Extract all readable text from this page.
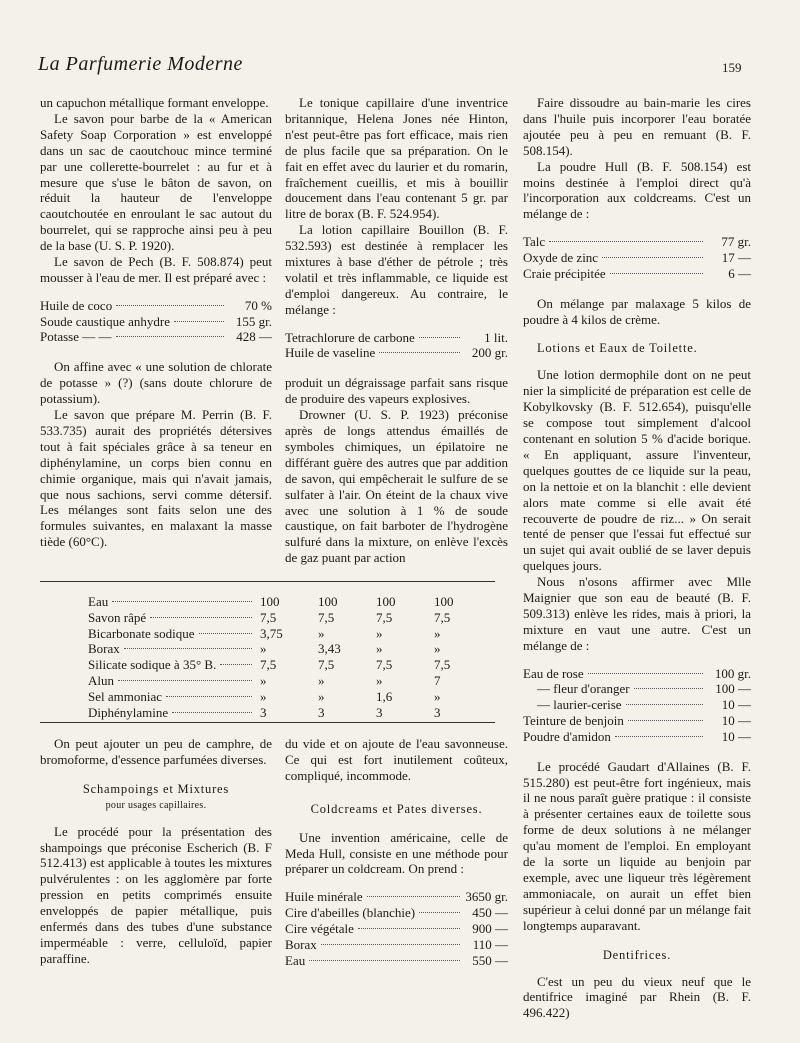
La Parfumerie Moderne	159

un capuchon métallique formant enveloppe.

Le savon pour barbe de la « American Safety Soap Corporation » est enveloppé dans un sac de caoutchouc mince terminé par une collerette-bourrelet : au fur et à mesure que s'use le bâton de savon, on réduit la hauteur de l'enveloppe caoutchoutée en enroulant le sac autout du bourrelet, qui se rapproche ainsi peu à peu de la base (U. S. P. 1920).

Le savon de Pech (B. F. 508.874) peut mousser à l'eau de mer. Il est préparé avec :

Huile de coco	70 %
Soude caustique anhydre	155 gr.
Potasse — —	428 —

On affine avec « une solution de chlorate de potasse » (?) (sans doute chlorure de potassium).

Le savon que prépare M. Perrin (B. F. 533.735) aurait des propriétés détersives tout à fait spéciales grâce à sa teneur en diphénylamine, un corps bien connu en chimie organique, mais qui n'avait jamais, que nous sachions, servi comme détersif. Les mélanges sont faits selon une des formules suivantes, en malaxant la masse tiède (60°C).

Le tonique capillaire d'une inventrice britannique, Helena Jones née Hinton, n'est peut-être pas fort efficace, mais rien de plus facile que sa préparation. On le fait en effet avec du laurier et du romarin, fraîchement cueillis, et mis à bouillir doucement dans l'eau contenant 5 gr. par litre de borax (B. F. 524.954).

La lotion capillaire Bouillon (B. F. 532.593) est destinée à remplacer les mixtures à base d'éther de pétrole ; très volatil et très inflammable, ce liquide est d'emploi dangereux. Au contraire, le mélange :

Tetrachlorure de carbone	1 lit.
Huile de vaseline	200 gr.

produit un dégraissage parfait sans risque de produire des vapeurs explosives.

Drowner (U. S. P. 1923) préconise après de longs attendus émaillés de symboles chimiques, un épilatoire ne différant guère des autres que par addition de savon, qui empêcherait le sulfure de se sulfater à l'air. On éteint de la chaux vive avec une solution à 1 % de soude caustique, on fait barboter de l'hydrogène sulfuré dans la mixture, on enlève l'excès de gaz puant par action

Eau	100	100	100	100
Savon râpé	7,5	7,5	7,5	7,5
Bicarbonate sodique	3,75	»	»	»
Borax	»	3,43	»	»
Silicate sodique à 35° B.	7,5	7,5	7,5	7,5
Alun	»	»	»	7
Sel ammoniac	»	»	1,6	»
Diphénylamine	3	3	3	3

On peut ajouter un peu de camphre, de bromoforme, d'essence parfumées diverses.

Schampoings et Mixtures
pour usages capillaires.

Le procédé pour la présentation des shampoings que préconise Escherich (B. F 512.413) est applicable à toutes les mixtures pulvérulentes : on les agglomère par forte pression en petits comprimés ensuite enveloppés de papier métallique, puis enfermés dans des tubes d'une substance imperméable : verre, celluloïd, papier paraffine.

du vide et on ajoute de l'eau savonneuse. Ce qui est fort inutilement coûteux, compliqué, incommode.

Coldcreams et Pates diverses.

Une invention américaine, celle de Meda Hull, consiste en une méthode pour préparer un coldcream. On prend :

Huile minérale	3650 gr.
Cire d'abeilles (blanchie)	450 —
Cire végétale	900 —
Borax	110 —
Eau	550 —

Faire dissoudre au bain-marie les cires dans l'huile puis incorporer l'eau boratée ajoutée peu à peu en remuant (B. F. 508.154).

La poudre Hull (B. F. 508.154) est moins destinée à l'emploi direct qu'à l'incorporation aux coldcreams. C'est un mélange de :

Talc	77 gr.
Oxyde de zinc	17 —
Craie précipitée	6 —

On mélange par malaxage 5 kilos de poudre à 4 kilos de crème.

Lotions et Eaux de Toilette.

Une lotion dermophile dont on ne peut nier la simplicité de préparation est celle de Kobylkovsky (B. F. 512.654), puisqu'elle se compose tout simplement d'alcool contenant en solution 5 % d'acide borique. « En appliquant, assure l'inventeur, quelques gouttes de ce liquide sur la peau, on la nettoie et on la blanchit : elle devient alors mate comme si elle avait été recouverte de poudre de riz... » On serait tenté de penser que l'essai fut effectué sur un sujet qui avait oublié de se laver depuis quelques jours.

Nous n'osons affirmer avec Mlle Maignier que son eau de beauté (B. F. 509.313) enlève les rides, mais à priori, la mixture en vaut une autre. C'est un mélange de :

Eau de rose	100 gr.
— fleur d'oranger	100 —
— laurier-cerise	10 —
Teinture de benjoin	10 —
Poudre d'amidon	10 —

Le procédé Gaudart d'Allaines (B. F. 515.280) est peut-être fort ingénieux, mais il ne nous paraît guère pratique : il consiste à présenter certaines eaux de toilette sous forme de deux solutions à ne mélanger qu'au moment de l'emploi. En employant de la sorte un liquide au benjoin par exemple, avec une liqueur très légèrement ammoniacale, on aurait un effet bien supérieur à celui donné par un mélange fait longtemps auparavant.

Dentifrices.

C'est un peu du vieux neuf que le dentifrice imaginé par Rhein (B. F. 496.422)
